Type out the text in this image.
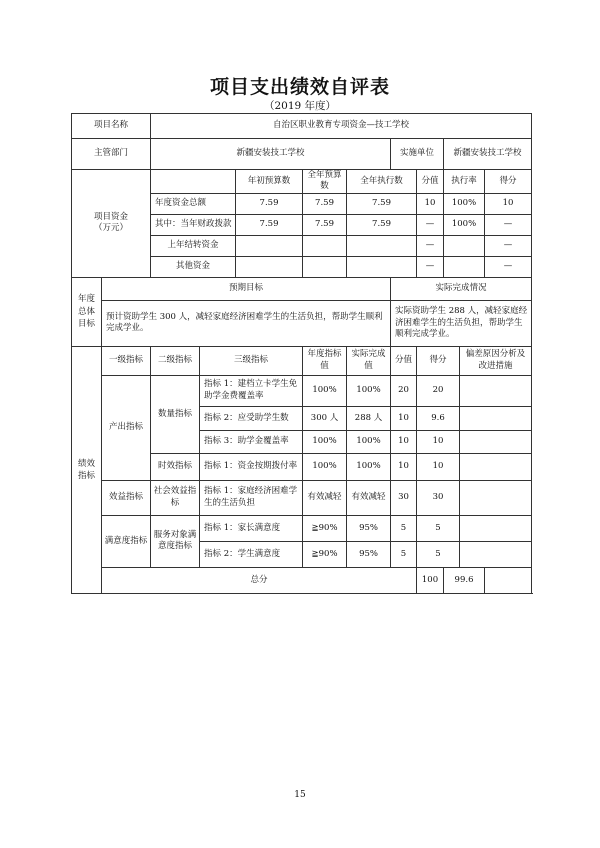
项目支出绩效自评表
（2019 年度）
项目名称		自治区职业教育专项资金—技工学校									
主管部门		新疆安装技工学校					实施单位		新疆安装技工学校		
项目资金
（万元）				年初预算数	全年预算数	全年执行数		分值	执行率		得分
		年度资金总额		7.59	7.59	7.59		10	100%		10
		其中：当年财政拨款		7.59	7.59	7.59		—	100%		—
		上年结转资金						—			—
		其他资金						—			—
年度总体目标	预期目标						实际完成情况				
	预计资助学生 300 人，减轻家庭经济困难学生的生活负担，帮助学生顺利完成学业。						实际资助学生 288 人，减轻家庭经济困难学生的生活负担，帮助学生顺利完成学业。				
绩效指标	一级指标	二级指标	三级指标		年度指标值	实际完成值	分值	得分		偏差原因分析及改进措施	
	产出指标	数量指标	指标 1：建档立卡学生免助学金费覆盖率		100%	100%	20	20			
			指标 2：应受助学生数		300 人	288 人	10	9.6			
			指标 3：助学金覆盖率		100%	100%	10	10			
		时效指标	指标 1：资金按期拨付率		100%	100%	10	10			
	效益指标	社会效益指标	指标 1：家庭经济困难学生的生活负担		有效减轻	有效减轻	30	30			
	满意度指标	服务对象满意度指标	指标 1：家长满意度		≧90%	95%	5	5			
			指标 2：学生满意度		≧90%	95%	5	5			
	总分							100	99.6		
15
